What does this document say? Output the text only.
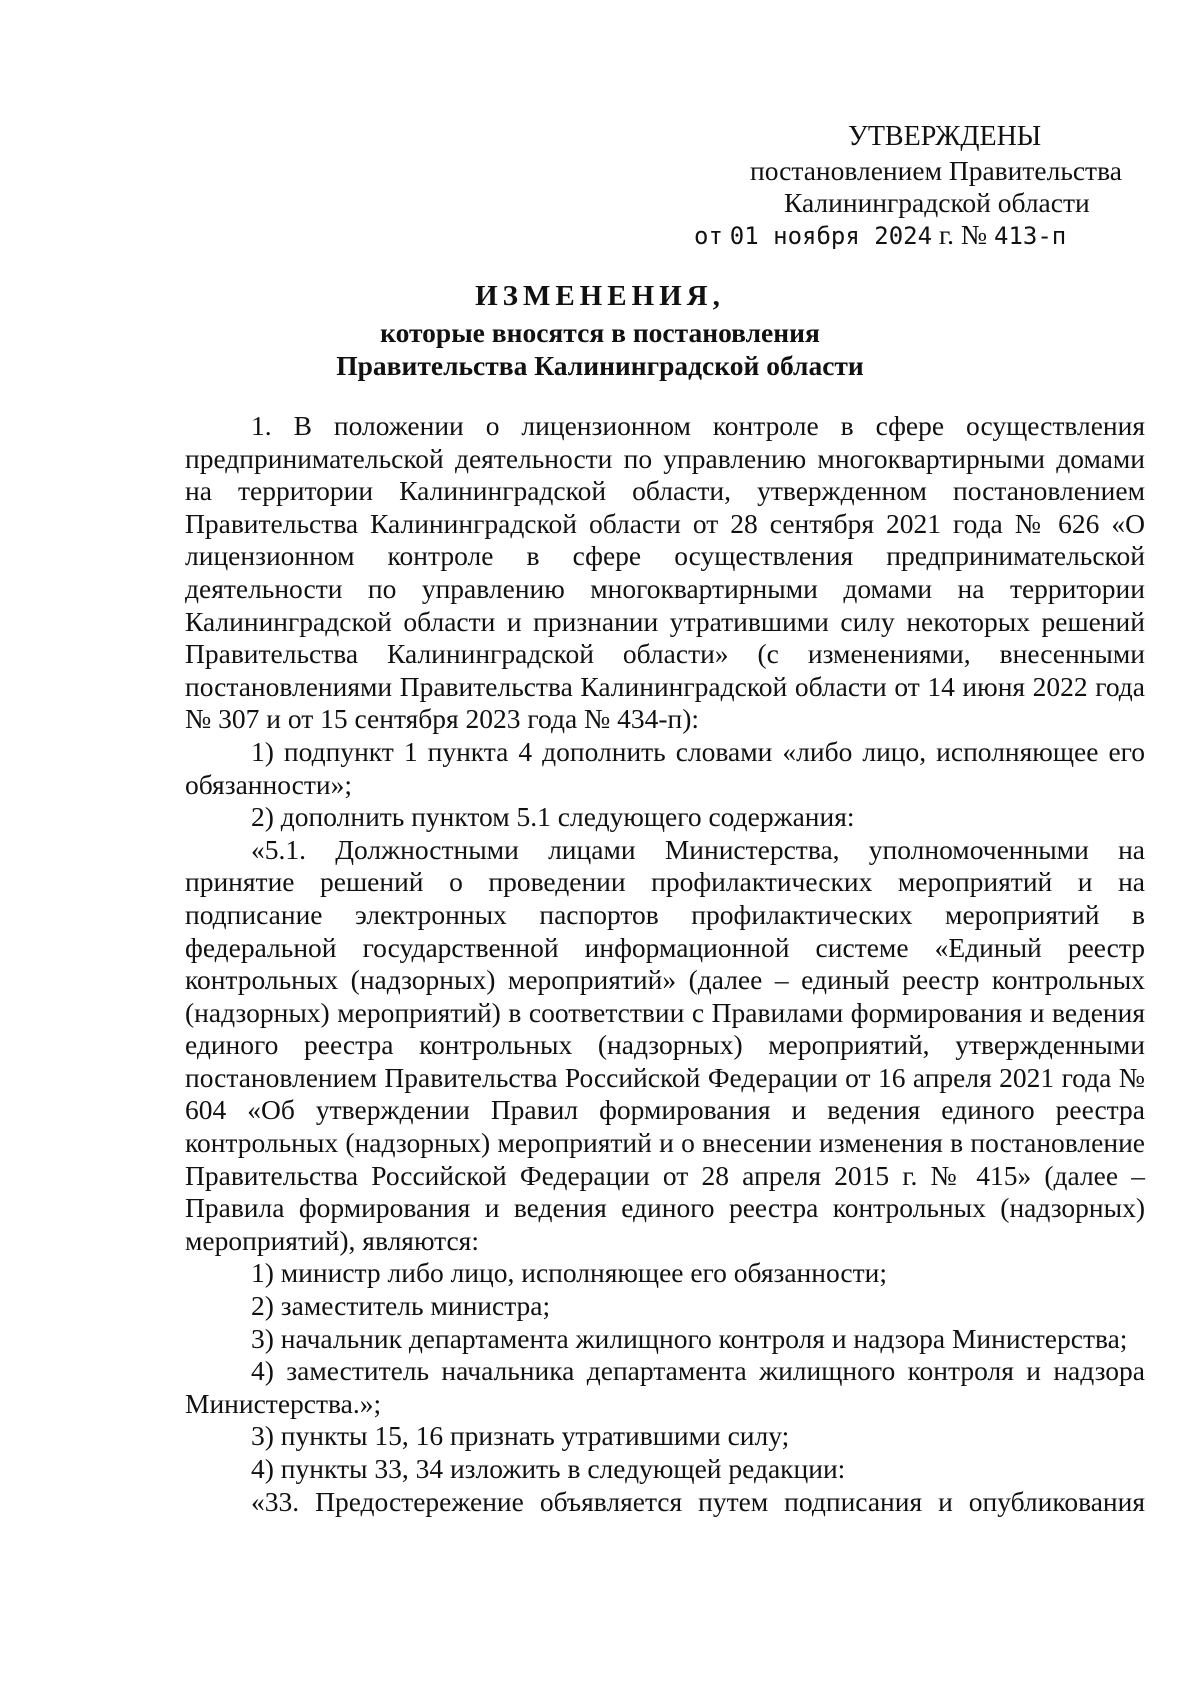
УТВЕРЖДЕНЫ
постановлением Правительства
Калининградской области
от 01 ноября 2024 г. № 413-п
ИЗМЕНЕНИЯ,
которые вносятся в постановления
Правительства Калининградской области

1. В положении о лицензионном контроле в сфере осуществления предпринимательской деятельности по управлению многоквартирными домами на территории Калининградской области, утвержденном постановлением Правительства Калининградской области от 28 сентября 2021 года № 626 «О лицензионном контроле в сфере осуществления предпринимательской деятельности по управлению многоквартирными домами на территории Калининградской области и признании утратившими силу некоторых решений Правительства Калининградской области» (с изменениями, внесенными постановлениями Правительства Калининградской области от 14 июня 2022 года № 307 и от 15 сентября 2023 года № 434-п):

1) подпункт 1 пункта 4 дополнить словами «либо лицо, исполняющее его обязанности»;

2) дополнить пунктом 5.1 следующего содержания:

«5.1. Должностными лицами Министерства, уполномоченными на принятие решений о проведении профилактических мероприятий и на подписание электронных паспортов профилактических мероприятий в федеральной государственной информационной системе «Единый реестр контрольных (надзорных) мероприятий» (далее – единый реестр контрольных (надзорных) мероприятий) в соответствии с Правилами формирования и ведения единого реестра контрольных (надзорных) мероприятий, утвержденными постановлением Правительства Российской Федерации от 16 апреля 2021 года № 604 «Об утверждении Правил формирования и ведения единого реестра контрольных (надзорных) мероприятий и о внесении изменения в постановление Правительства Российской Федерации от 28 апреля 2015 г. № 415» (далее – Правила формирования и ведения единого реестра контрольных (надзорных) мероприятий), являются:

1) министр либо лицо, исполняющее его обязанности;

2) заместитель министра;

3) начальник департамента жилищного контроля и надзора Министерства;

4) заместитель начальника департамента жилищного контроля и надзора Министерства.»;

3) пункты 15, 16 признать утратившими силу;

4) пункты 33, 34 изложить в следующей редакции:

«33. Предостережение объявляется путем подписания и опубликования
